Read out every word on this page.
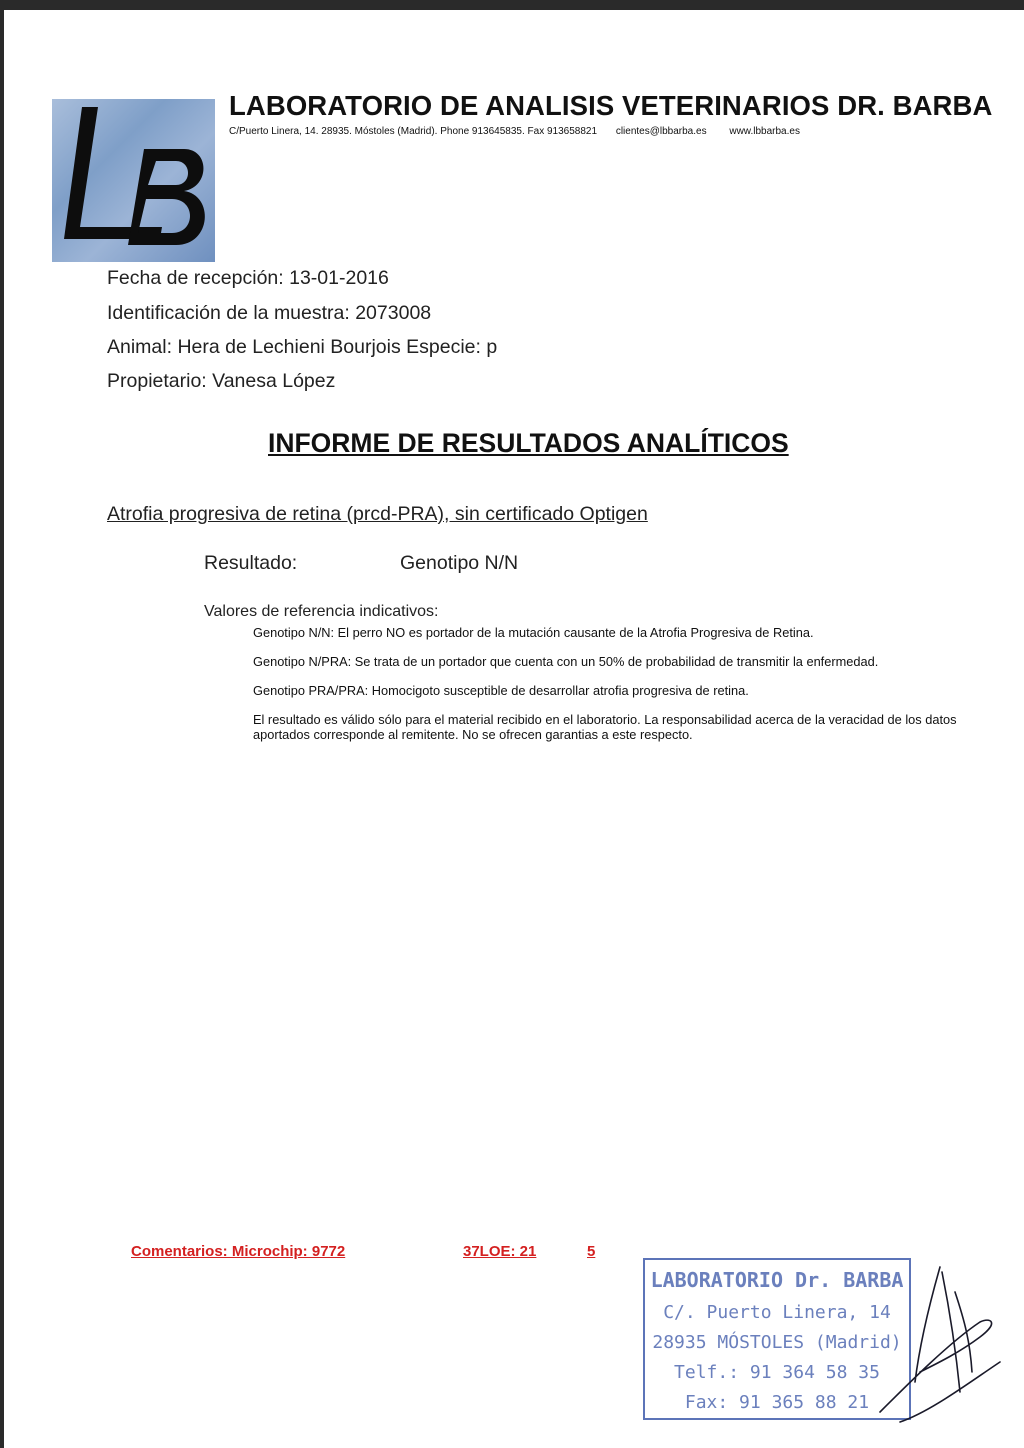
LABORATORIO DE ANALISIS VETERINARIOS DR. BARBA
C/Puerto Linera, 14. 28935. Móstoles (Madrid). Phone 913645835. Fax 913658821 clientes@lbbarba.es www.lbbarba.es
Fecha de recepción: 13-01-2016
Identificación de la muestra: 2073008
Animal: Hera de Lechieni Bourjois Especie: p
Propietario: Vanesa López
INFORME DE RESULTADOS ANALÍTICOS
Atrofia progresiva de retina (prcd-PRA), sin certificado Optigen
Resultado:	Genotipo N/N
Valores de referencia indicativos:
Genotipo N/N: El perro NO es portador de la mutación causante de la Atrofia Progresiva de Retina.
Genotipo N/PRA: Se trata de un portador que cuenta con un 50% de probabilidad de transmitir la enfermedad.
Genotipo PRA/PRA: Homocigoto susceptible de desarrollar atrofia progresiva de retina.
El resultado es válido sólo para el material recibido en el laboratorio. La responsabilidad acerca de la veracidad de los datos aportados corresponde al remitente. No se ofrecen garantias a este respecto.
Comentarios: Microchip: 9772	37LOE: 21	5
LABORATORIO Dr. BARBA
C/. Puerto Linera, 14
28935 MÓSTOLES (Madrid)
Telf.: 91 364 58 35
Fax: 91 365 88 21
